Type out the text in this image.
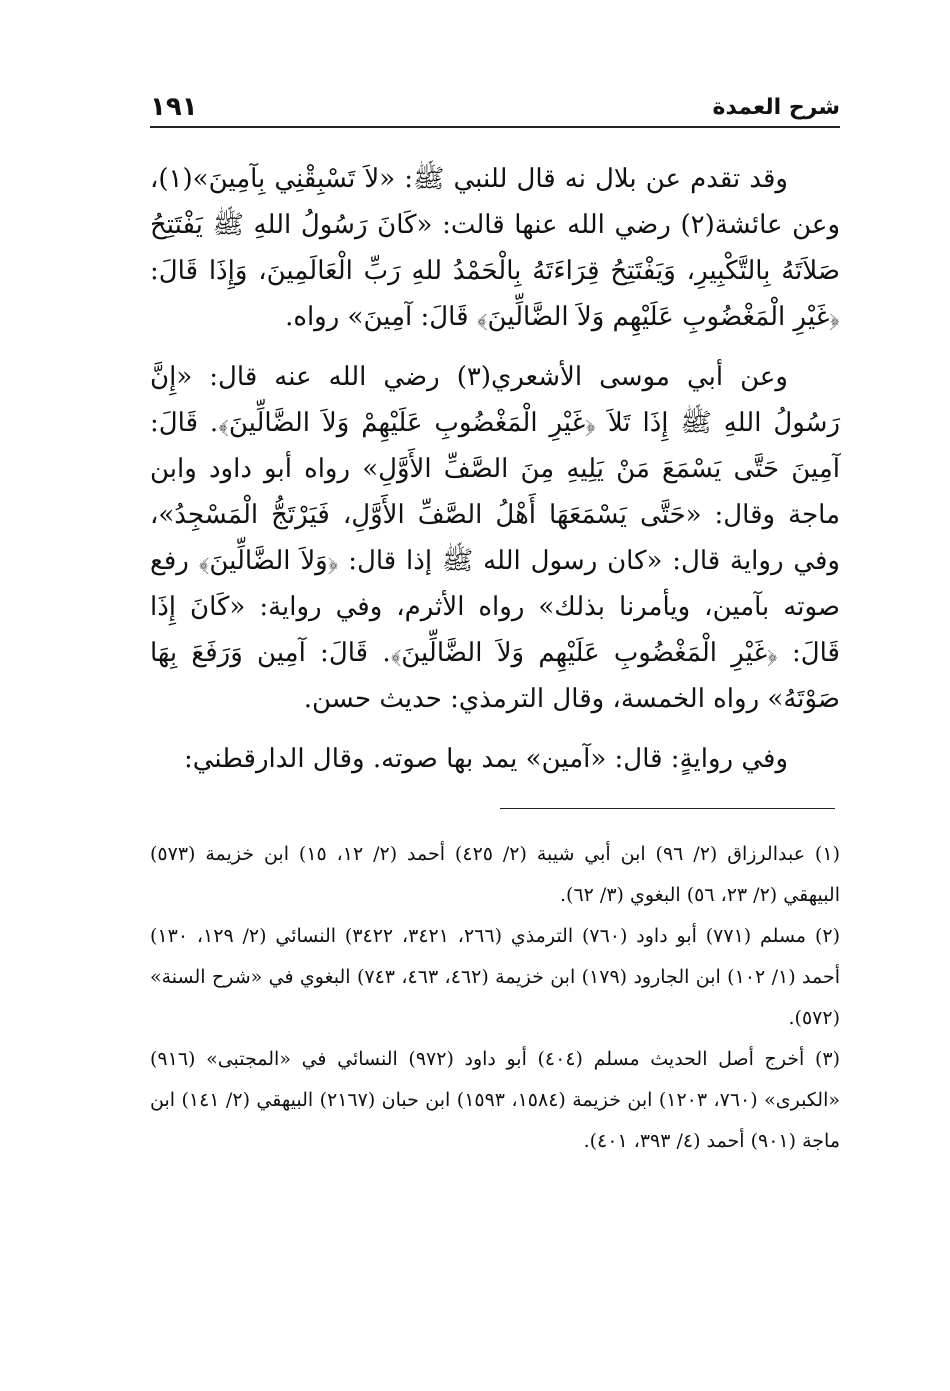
شرح العمدة
١٩١

وقد تقدم عن بلال نه قال للنبي ﷺ: «لاَ تَسْبِقْنِي بِآمِينَ»(١)، وعن عائشة(٢) رضي الله عنها قالت: «كَانَ رَسُولُ اللهِ ﷺ يَفْتَتِحُ صَلاَتَهُ بِالتَّكْبِيرِ، وَيَفْتَتِحُ قِرَاءَتَهُ بِالْحَمْدُ للهِ رَبِّ الْعَالَمِينَ، وَإِذَا قَالَ: ﴿غَيْرِ الْمَغْضُوبِ عَلَيْهِم وَلاَ الضَّالِّينَ﴾ قَالَ: آمِينَ» رواه.

وعن أبي موسى الأشعري(٣) رضي الله عنه قال: «إِنَّ رَسُولُ اللهِ ﷺ إِذَا تَلاَ ﴿غَيْرِ الْمَغْضُوبِ عَلَيْهِمْ وَلاَ الضَّالِّينَ﴾. قَالَ: آمِينَ حَتَّى يَسْمَعَ مَنْ يَلِيهِ مِنَ الصَّفِّ الأَوَّلِ» رواه أبو داود وابن ماجة وقال: «حَتَّى يَسْمَعَهَا أَهْلُ الصَّفِّ الأَوَّلِ، فَيَرْتَجُّ الْمَسْجِدُ»، وفي رواية قال: «كان رسول الله ﷺ إذا قال: ﴿وَلاَ الضَّالِّينَ﴾ رفع صوته بآمين، ويأمرنا بذلك» رواه الأثرم، وفي رواية: «كَانَ إِذَا قَالَ: ﴿غَيْرِ الْمَغْضُوبِ عَلَيْهِم وَلاَ الضَّالِّينَ﴾. قَالَ: آمِين وَرَفَعَ بِهَا صَوْتَهُ» رواه الخمسة، وقال الترمذي: حديث حسن.

وفي روايةٍ: قال: «آمين» يمد بها صوته. وقال الدارقطني:

(١) عبدالرزاق (٢/ ٩٦) ابن أبي شيبة (٢/ ٤٢٥) أحمد (٢/ ١٢، ١٥) ابن خزيمة (٥٧٣) البيهقي (٢/ ٢٣، ٥٦) البغوي (٣/ ٦٢).

(٢) مسلم (٧٧١) أبو داود (٧٦٠) الترمذي (٢٦٦، ٣٤٢١، ٣٤٢٢) النسائي (٢/ ١٢٩، ١٣٠) أحمد (١/ ١٠٢) ابن الجارود (١٧٩) ابن خزيمة (٤٦٢، ٤٦٣، ٧٤٣) البغوي في «شرح السنة» (٥٧٢).

(٣) أخرج أصل الحديث مسلم (٤٠٤) أبو داود (٩٧٢) النسائي في «المجتبى» (٩١٦) «الكبرى» (٧٦٠، ١٢٠٣) ابن خزيمة (١٥٨٤، ١٥٩٣) ابن حبان (٢١٦٧) البيهقي (٢/ ١٤١) ابن ماجة (٩٠١) أحمد (٤/ ٣٩٣، ٤٠١).
